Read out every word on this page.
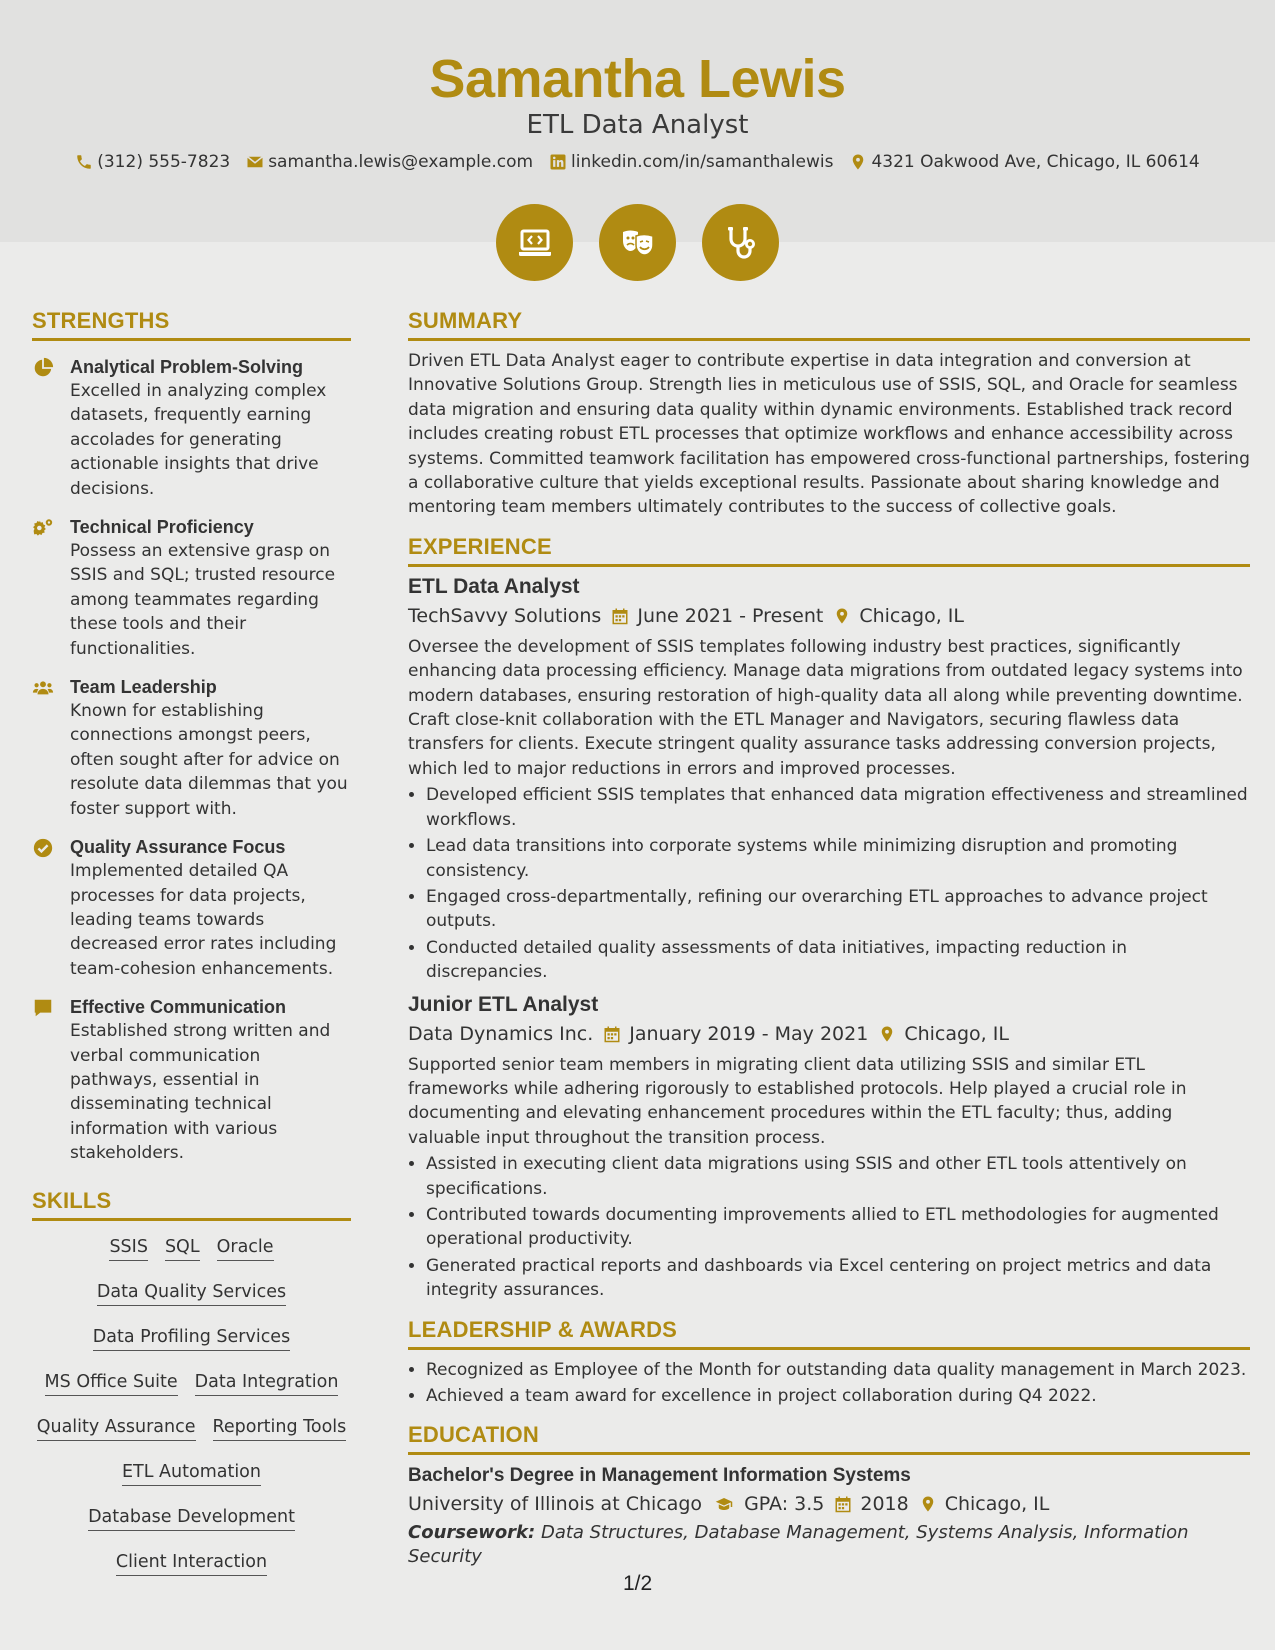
Samantha Lewis
ETL Data Analyst
(312) 555-7823 samantha.lewis@example.com linkedin.com/in/samanthalewis 4321 Oakwood Ave, Chicago, IL 60614
STRENGTHS
Analytical Problem-Solving
Excelled in analyzing complex datasets, frequently earning accolades for generating actionable insights that drive decisions.
Technical Proficiency
Possess an extensive grasp on SSIS and SQL; trusted resource among teammates regarding these tools and their functionalities.
Team Leadership
Known for establishing connections amongst peers, often sought after for advice on resolute data dilemmas that you foster support with.
Quality Assurance Focus
Implemented detailed QA processes for data projects, leading teams towards decreased error rates including team-cohesion enhancements.
Effective Communication
Established strong written and verbal communication pathways, essential in disseminating technical information with various stakeholders.
SKILLS
SSIS SQL Oracle
Data Quality Services
Data Profiling Services
MS Office Suite Data Integration
Quality Assurance Reporting Tools
ETL Automation
Database Development
Client Interaction
SUMMARY
Driven ETL Data Analyst eager to contribute expertise in data integration and conversion at Innovative Solutions Group. Strength lies in meticulous use of SSIS, SQL, and Oracle for seamless data migration and ensuring data quality within dynamic environments. Established track record includes creating robust ETL processes that optimize workflows and enhance accessibility across systems. Committed teamwork facilitation has empowered cross-functional partnerships, fostering a collaborative culture that yields exceptional results. Passionate about sharing knowledge and mentoring team members ultimately contributes to the success of collective goals.
EXPERIENCE
ETL Data Analyst
TechSavvy Solutions June 2021 - Present Chicago, IL
Oversee the development of SSIS templates following industry best practices, significantly enhancing data processing efficiency. Manage data migrations from outdated legacy systems into modern databases, ensuring restoration of high-quality data all along while preventing downtime. Craft close-knit collaboration with the ETL Manager and Navigators, securing flawless data transfers for clients. Execute stringent quality assurance tasks addressing conversion projects, which led to major reductions in errors and improved processes.
• Developed efficient SSIS templates that enhanced data migration effectiveness and streamlined workflows.
• Lead data transitions into corporate systems while minimizing disruption and promoting consistency.
• Engaged cross-departmentally, refining our overarching ETL approaches to advance project outputs.
• Conducted detailed quality assessments of data initiatives, impacting reduction in discrepancies.
Junior ETL Analyst
Data Dynamics Inc. January 2019 - May 2021 Chicago, IL
Supported senior team members in migrating client data utilizing SSIS and similar ETL frameworks while adhering rigorously to established protocols. Help played a crucial role in documenting and elevating enhancement procedures within the ETL faculty; thus, adding valuable input throughout the transition process.
• Assisted in executing client data migrations using SSIS and other ETL tools attentively on specifications.
• Contributed towards documenting improvements allied to ETL methodologies for augmented operational productivity.
• Generated practical reports and dashboards via Excel centering on project metrics and data integrity assurances.
LEADERSHIP & AWARDS
• Recognized as Employee of the Month for outstanding data quality management in March 2023.
• Achieved a team award for excellence in project collaboration during Q4 2022.
EDUCATION
Bachelor's Degree in Management Information Systems
University of Illinois at Chicago GPA: 3.5 2018 Chicago, IL
Coursework: Data Structures, Database Management, Systems Analysis, Information Security
1/2
